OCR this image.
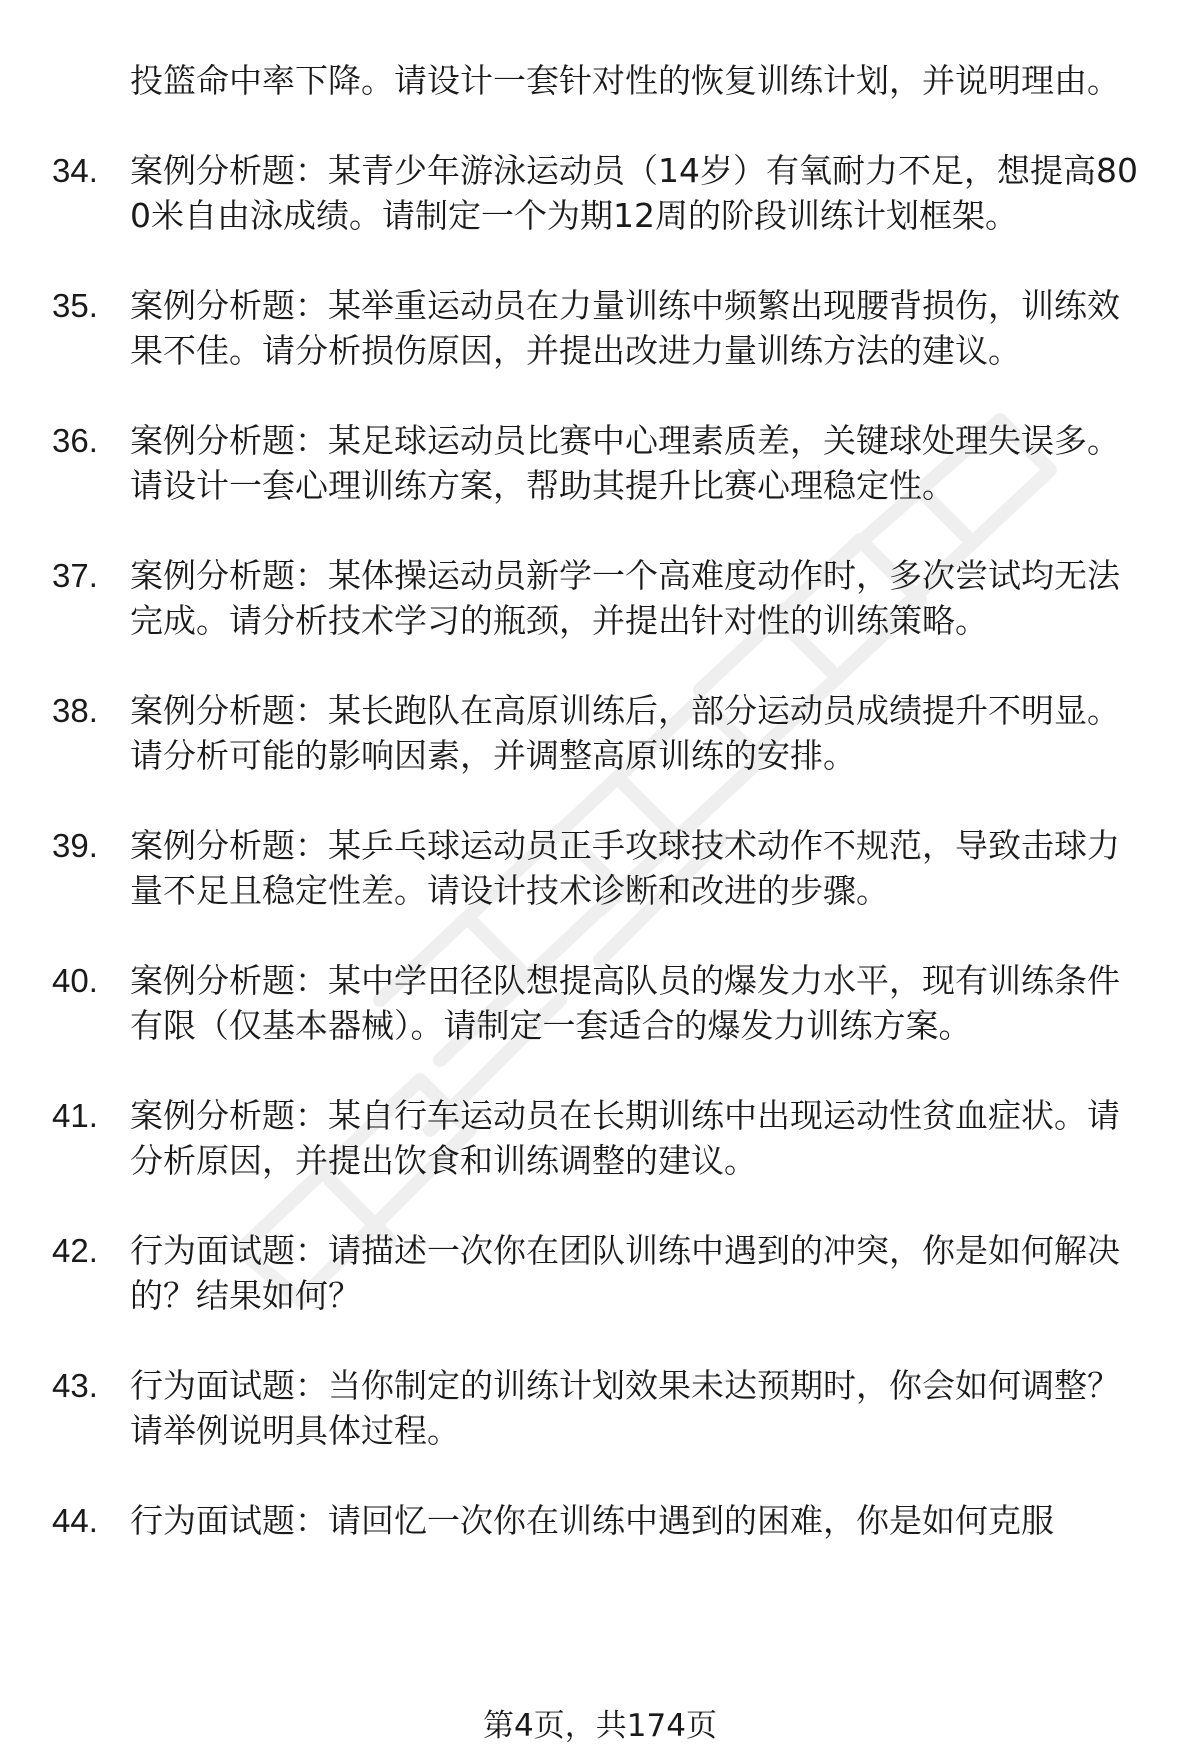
投篮命中率下降。请设计一套针对性的恢复训练计划，并说明理由。
34. 案例分析题：某青少年游泳运动员（14岁）有氧耐力不足，想提高800米自由泳成绩。请制定一个为期12周的阶段训练计划框架。
35. 案例分析题：某举重运动员在力量训练中频繁出现腰背损伤，训练效果不佳。请分析损伤原因，并提出改进力量训练方法的建议。
36. 案例分析题：某足球运动员比赛中心理素质差，关键球处理失误多。请设计一套心理训练方案，帮助其提升比赛心理稳定性。
37. 案例分析题：某体操运动员新学一个高难度动作时，多次尝试均无法完成。请分析技术学习的瓶颈，并提出针对性的训练策略。
38. 案例分析题：某长跑队在高原训练后，部分运动员成绩提升不明显。请分析可能的影响因素，并调整高原训练的安排。
39. 案例分析题：某乒乓球运动员正手攻球技术动作不规范，导致击球力量不足且稳定性差。请设计技术诊断和改进的步骤。
40. 案例分析题：某中学田径队想提高队员的爆发力水平，现有训练条件有限（仅基本器械）。请制定一套适合的爆发力训练方案。
41. 案例分析题：某自行车运动员在长期训练中出现运动性贫血症状。请分析原因，并提出饮食和训练调整的建议。
42. 行为面试题：请描述一次你在团队训练中遇到的冲突，你是如何解决的？结果如何？
43. 行为面试题：当你制定的训练计划效果未达预期时，你会如何调整？请举例说明具体过程。
44. 行为面试题：请回忆一次你在训练中遇到的困难，你是如何克服
第4页，共174页
